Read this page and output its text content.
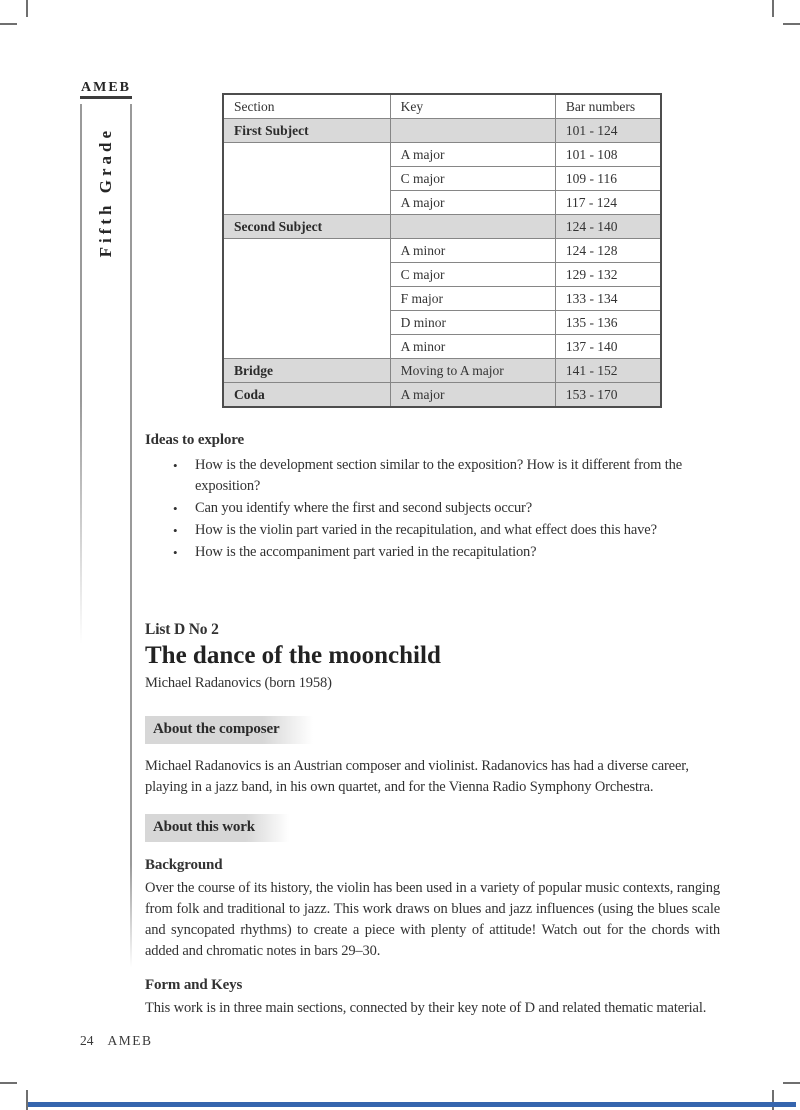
AMEB
Fifth Grade
Section	Key	Bar numbers
First Subject		101 - 124
	A major	101 - 108
	C major	109 - 116
	A major	117 - 124
Second Subject		124 - 140
	A minor	124 - 128
	C major	129 - 132
	F major	133 - 134
	D minor	135 - 136
	A minor	137 - 140
Bridge	Moving to A major	141 - 152
Coda	A major	153 - 170
Ideas to explore
•	How is the development section similar to the exposition? How is it different from the exposition?
•	Can you identify where the first and second subjects occur?
•	How is the violin part varied in the recapitulation, and what effect does this have?
•	How is the accompaniment part varied in the recapitulation?
List D No 2
The dance of the moonchild
Michael Radanovics (born 1958)
About the composer
Michael Radanovics is an Austrian composer and violinist. Radanovics has had a diverse career, playing in a jazz band, in his own quartet, and for the Vienna Radio Symphony Orchestra.
About this work
Background
Over the course of its history, the violin has been used in a variety of popular music contexts, ranging from folk and traditional to jazz. This work draws on blues and jazz influences (using the blues scale and syncopated rhythms) to create a piece with plenty of attitude! Watch out for the chords with added and chromatic notes in bars 29–30.
Form and Keys
This work is in three main sections, connected by their key note of D and related thematic material.
24 AMEB
